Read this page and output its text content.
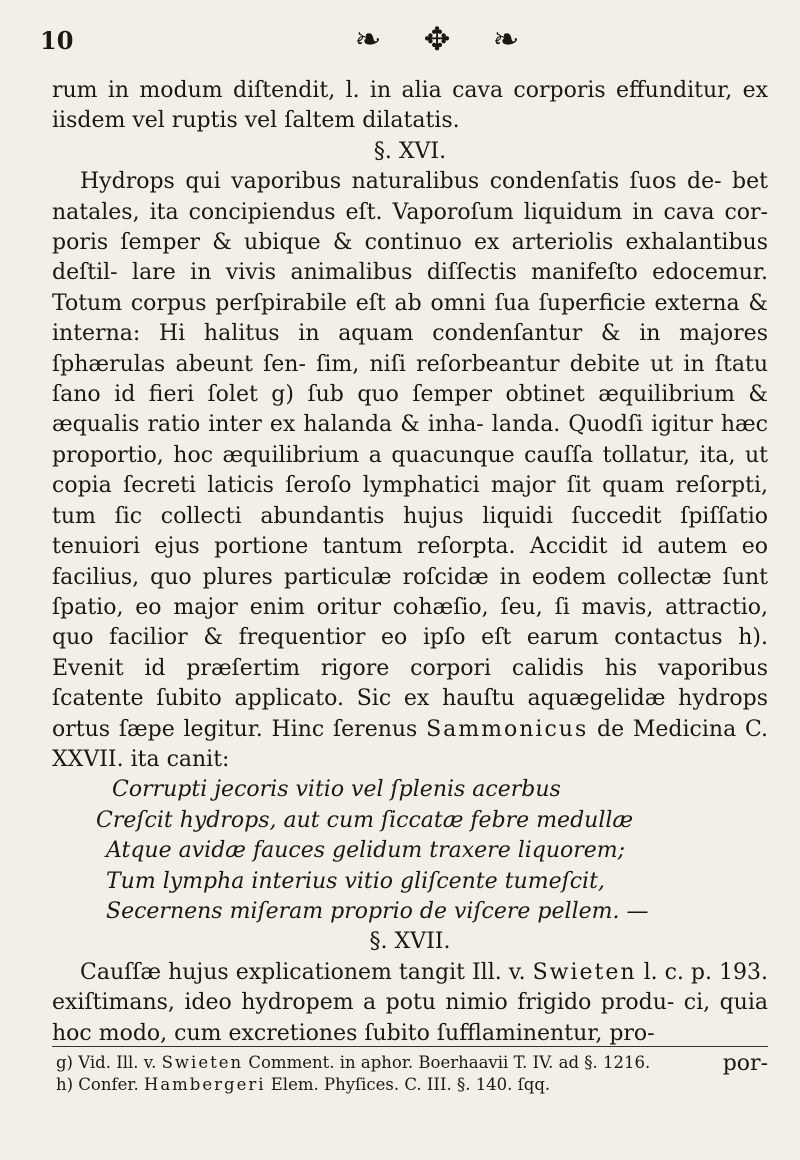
10	❧ ✥ ❧

rum in modum diſtendit, l. in alia cava corporis effunditur, ex iisdem vel ruptis vel ſaltem dilatatis.

§. XVI.

Hydrops qui vaporibus naturalibus condenſatis ſuos de- bet natales, ita concipiendus eſt. Vaporoſum liquidum in cava cor- poris ſemper & ubique & continuo ex arteriolis exhalantibus deſtil- lare in vivis animalibus diſſectis manifeſto edocemur. Totum corpus perſpirabile eſt ab omni ſua ſuperficie externa & interna: Hi halitus in aquam condenſantur & in majores ſphærulas abeunt ſen- ſim, niſi reſorbeantur debite ut in ſtatu ſano id fieri ſolet g) ſub quo ſemper obtinet æquilibrium & æqualis ratio inter ex halanda & inha- landa. Quodſi igitur hæc proportio, hoc æquilibrium a quacunque cauſſa tollatur, ita, ut copia ſecreti laticis ſeroſo lymphatici major ſit quam reſorpti, tum ſic collecti abundantis hujus liquidi ſuccedit ſpiſſatio tenuiori ejus portione tantum reſorpta. Accidit id autem eo facilius, quo plures particulæ roſcidæ in eodem collectæ ſunt ſpatio, eo major enim oritur cohæſio, ſeu, ſi mavis, attractio, quo facilior & frequentior eo ipſo eſt earum contactus h). Evenit id præſertim rigore corpori calidis his vaporibus ſcatente ſubito applicato. Sic ex hauſtu aquægelidæ hydrops ortus ſæpe legitur. Hinc ſerenus Sammonicus de Medicina C. XXVII. ita canit:

Corrupti jecoris vitio vel ſplenis acerbus

Creſcit hydrops, aut cum ſiccatæ febre medullæ

Atque avidæ fauces gelidum traxere liquorem;

Tum lympha interius vitio gliſcente tumeſcit,

Secernens miſeram proprio de viſcere pellem. —

§. XVII.

Cauſſæ hujus explicationem tangit Ill. v. Swieten l. c. p. 193. exiſtimans, ideo hydropem a potu nimio frigido produ- ci, quia hoc modo, cum excretiones ſubito ſufflaminentur, pro-

por-

g) Vid. Ill. v. Swieten Comment. in aphor. Boerhaavii T. IV. ad §. 1216.

h) Confer. Hambergeri Elem. Phyſices. C. III. §. 140. ſqq.
